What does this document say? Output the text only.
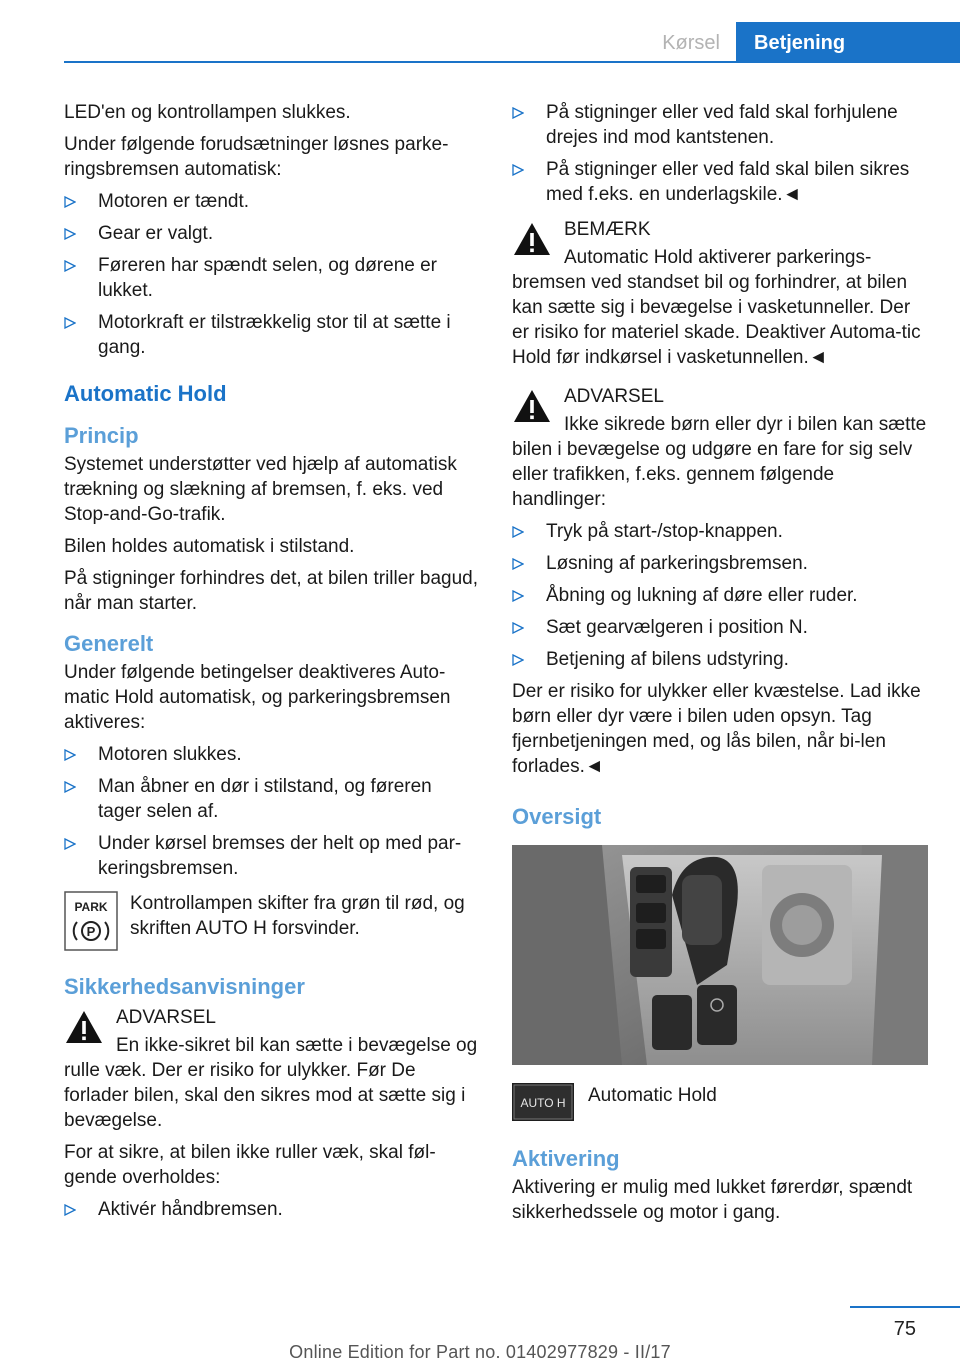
Kørsel	Betjening

LED'en og kontrollampen slukkes.

Under følgende forudsætninger løsnes parke-ringsbremsen automatisk:

Motoren er tændt.
Gear er valgt.
Føreren har spændt selen, og dørene er lukket.
Motorkraft er tilstrækkelig stor til at sætte i gang.
Automatic Hold
Princip

Systemet understøtter ved hjælp af automatisk trækning og slækning af bremsen, f. eks. ved Stop-and-Go-trafik.

Bilen holdes automatisk i stilstand.

På stigninger forhindres det, at bilen triller bagud, når man starter.

Generelt

Under følgende betingelser deaktiveres Auto-matic Hold automatisk, og parkeringsbremsen aktiveres:

Motoren slukkes.
Man åbner en dør i stilstand, og føreren tager selen af.
Under kørsel bremses der helt op med par-keringsbremsen.
PARK
P
Kontrollampen skifter fra grøn til rød, og skriften AUTO H forsvinder.
Sikkerhedsanvisninger

ADVARSEL

En ikke-sikret bil kan sætte i bevægelse og rulle væk. Der er risiko for ulykker. Før De forlader bilen, skal den sikres mod at sætte sig i bevægelse.

For at sikre, at bilen ikke ruller væk, skal føl-gende overholdes:

Aktivér håndbremsen.
På stigninger eller ved fald skal forhjulene drejes ind mod kantstenen.
På stigninger eller ved fald skal bilen sikres med f.eks. en underlagskile.◄

BEMÆRK

Automatic Hold aktiverer parkerings-bremsen ved standset bil og forhindrer, at bilen kan sætte sig i bevægelse i vasketunneller. Der er risiko for materiel skade. Deaktiver Automa-tic Hold før indkørsel i vasketunnellen.◄

ADVARSEL

Ikke sikrede børn eller dyr i bilen kan sætte bilen i bevægelse og udgøre en fare for sig selv eller trafikken, f.eks. gennem følgende handlinger:

Tryk på start-/stop-knappen.
Løsning af parkeringsbremsen.
Åbning og lukning af døre eller ruder.
Sæt gearvælgeren i position N.
Betjening af bilens udstyring.

Der er risiko for ulykker eller kvæstelse. Lad ikke børn eller dyr være i bilen uden opsyn. Tag fjernbetjeningen med, og lås bilen, når bi-len forlades.◄

Oversigt
AUTO H Automatic Hold
Aktivering

Aktivering er mulig med lukket førerdør, spændt sikkerhedssele og motor i gang.

75
Online Edition for Part no. 01402977829 - II/17
